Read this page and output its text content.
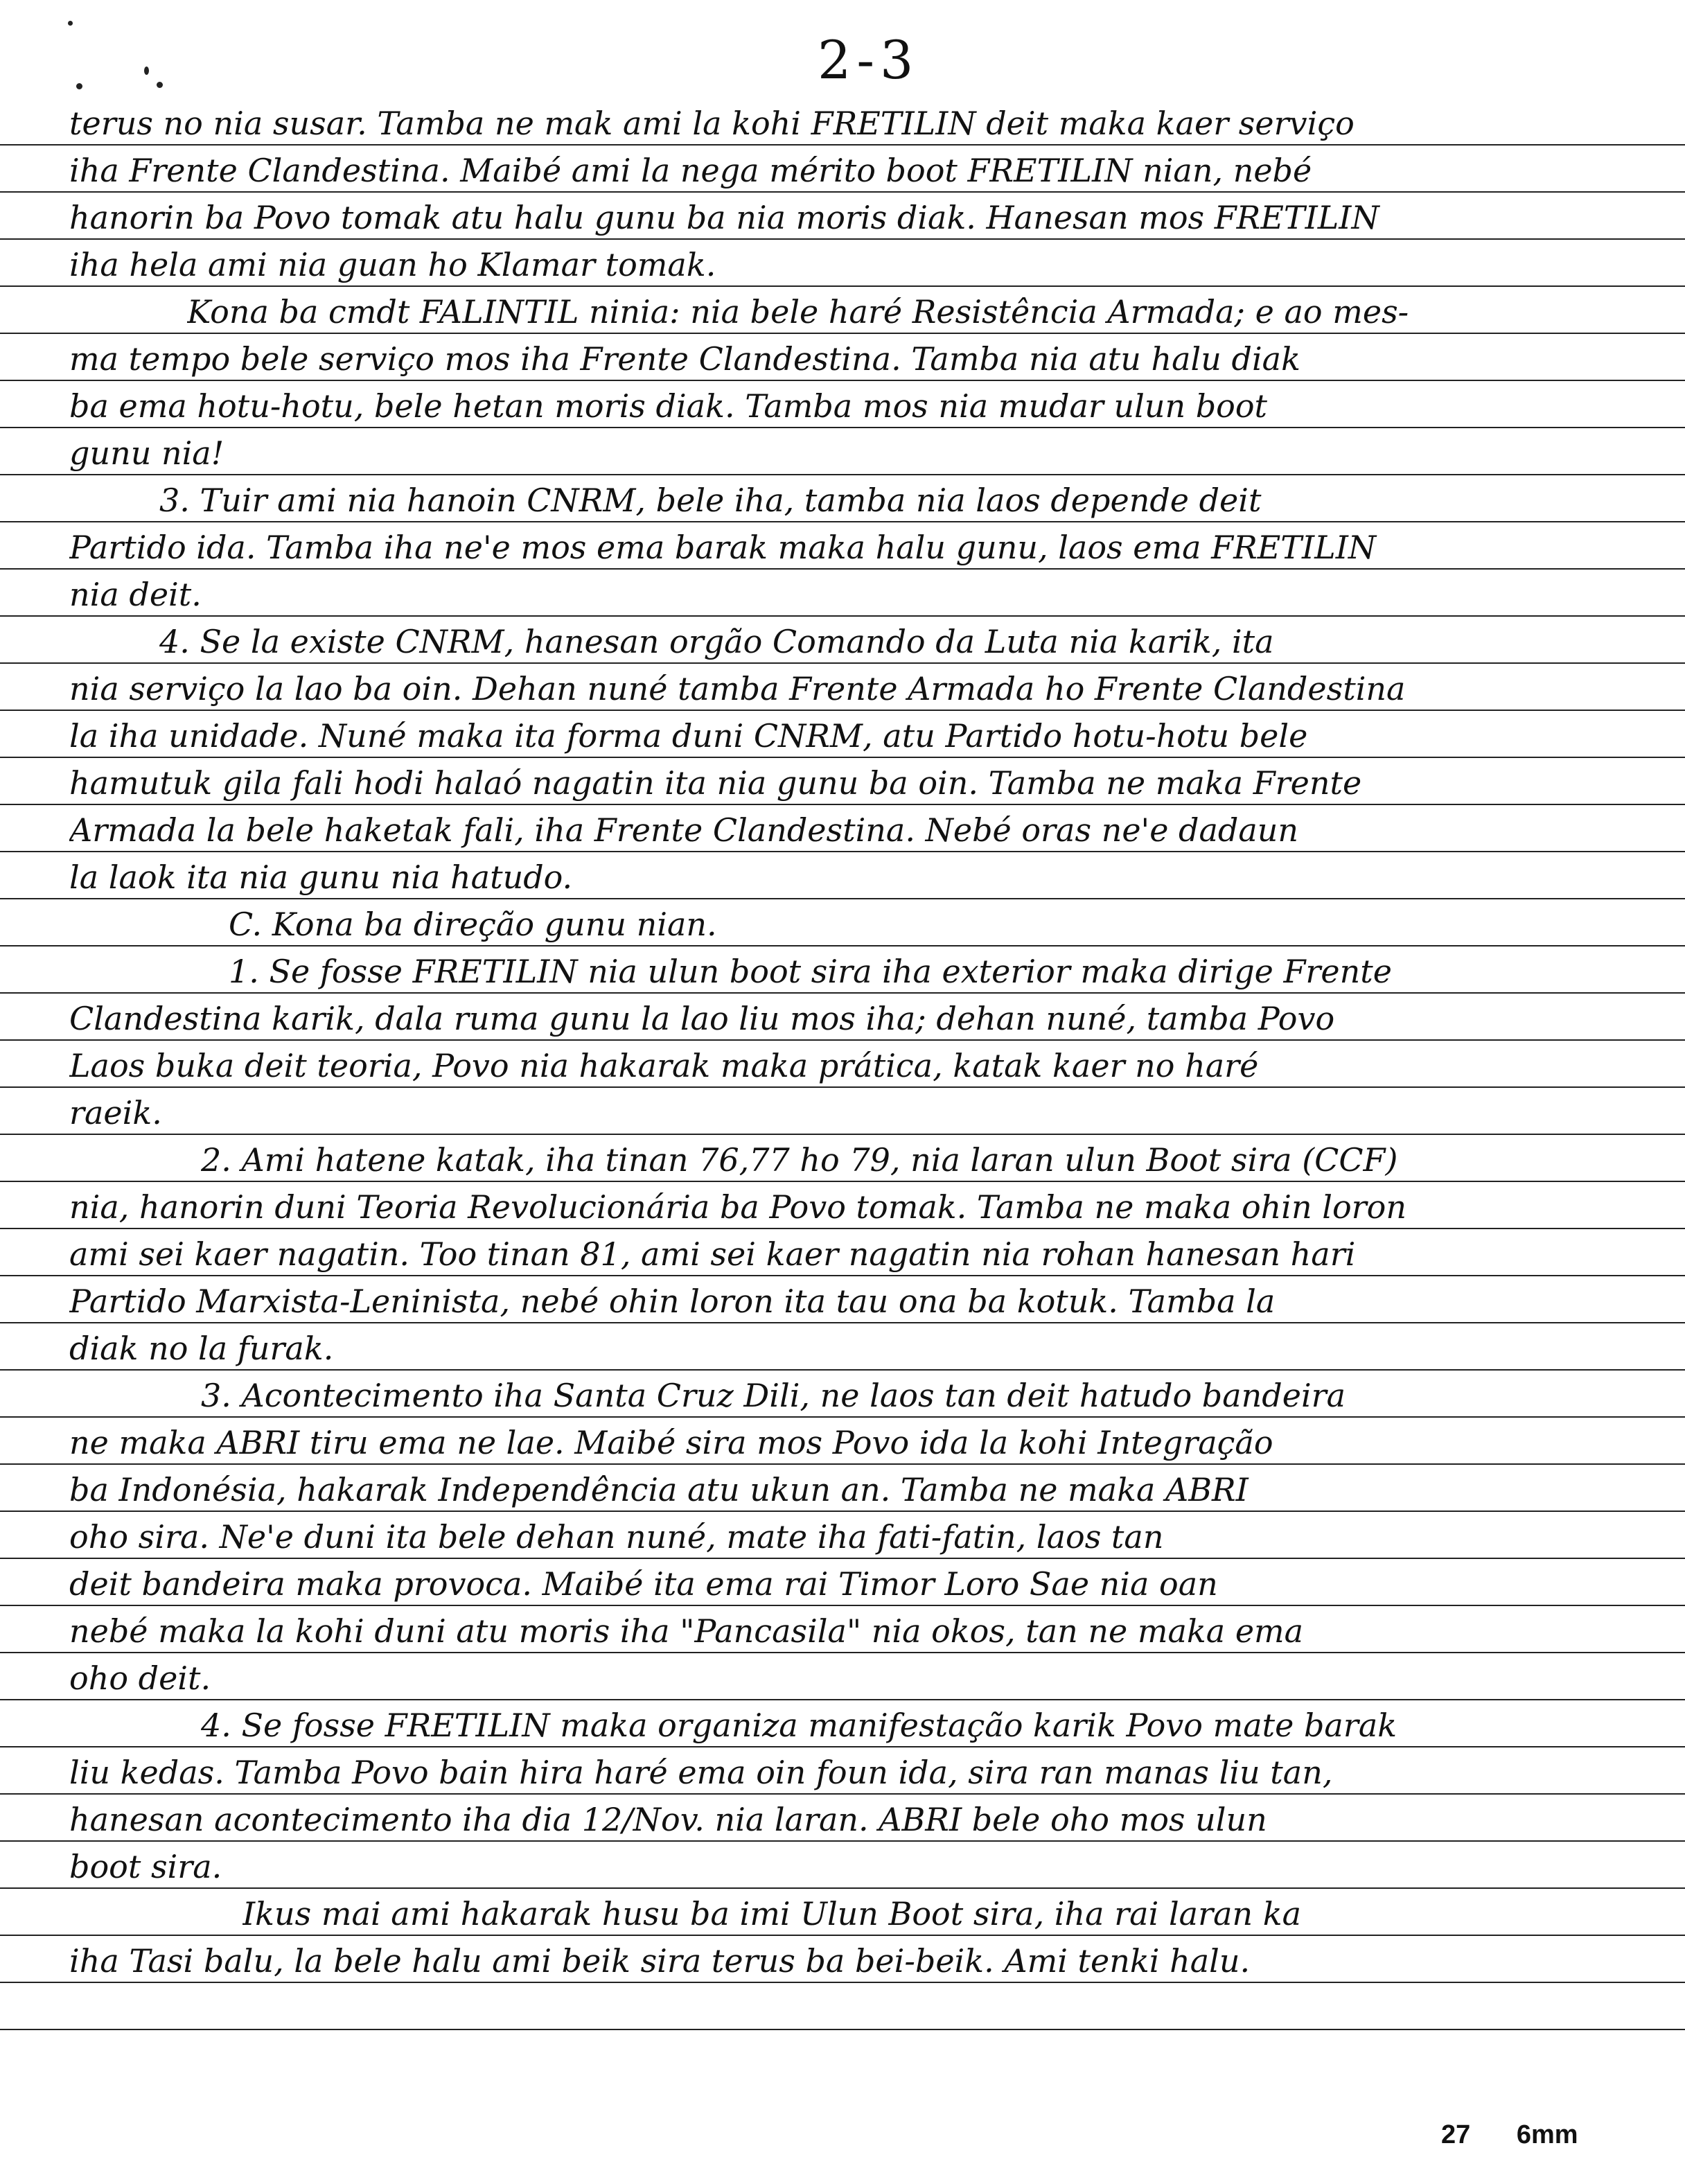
2-3
terus no nia susar. Tamba ne mak ami la kohi FRETILIN deit maka kaer serviço
iha Frente Clandestina. Maibé ami la nega mérito boot FRETILIN nian, nebé
hanorin ba Povo tomak atu halu gunu ba nia moris diak. Hanesan mos FRETILIN
iha hela ami nia guan ho Klamar tomak.
Kona ba cmdt FALINTIL ninia: nia bele haré Resistência Armada; e ao mes-
ma tempo bele serviço mos iha Frente Clandestina. Tamba nia atu halu diak
ba ema hotu-hotu, bele hetan moris diak. Tamba mos nia mudar ulun boot
gunu nia!
3. Tuir ami nia hanoin CNRM, bele iha, tamba nia laos depende deit
Partido ida. Tamba iha ne'e mos ema barak maka halu gunu, laos ema FRETILIN
nia deit.
4. Se la existe CNRM, hanesan orgão Comando da Luta nia karik, ita
nia serviço la lao ba oin. Dehan nuné tamba Frente Armada ho Frente Clandestina
la iha unidade. Nuné maka ita forma duni CNRM, atu Partido hotu-hotu bele
hamutuk gila fali hodi halaó nagatin ita nia gunu ba oin. Tamba ne maka Frente
Armada la bele haketak fali, iha Frente Clandestina. Nebé oras ne'e dadaun
la laok ita nia gunu nia hatudo.
C. Kona ba direção gunu nian.
1. Se fosse FRETILIN nia ulun boot sira iha exterior maka dirige Frente
Clandestina karik, dala ruma gunu la lao liu mos iha; dehan nuné, tamba Povo
Laos buka deit teoria, Povo nia hakarak maka prática, katak kaer no haré
raeik.
2. Ami hatene katak, iha tinan 76,77 ho 79, nia laran ulun Boot sira (CCF)
nia, hanorin duni Teoria Revolucionária ba Povo tomak. Tamba ne maka ohin loron
ami sei kaer nagatin. Too tinan 81, ami sei kaer nagatin nia rohan hanesan hari
Partido Marxista-Leninista, nebé ohin loron ita tau ona ba kotuk. Tamba la
diak no la furak.
3. Acontecimento iha Santa Cruz Dili, ne laos tan deit hatudo bandeira
ne maka ABRI tiru ema ne lae. Maibé sira mos Povo ida la kohi Integração
ba Indonésia, hakarak Independência atu ukun an. Tamba ne maka ABRI
oho sira. Ne'e duni ita bele dehan nuné, mate iha fati-fatin, laos tan
deit bandeira maka provoca. Maibé ita ema rai Timor Loro Sae nia oan
nebé maka la kohi duni atu moris iha "Pancasila" nia okos, tan ne maka ema
oho deit.
4. Se fosse FRETILIN maka organiza manifestação karik Povo mate barak
liu kedas. Tamba Povo bain hira haré ema oin foun ida, sira ran manas liu tan,
hanesan acontecimento iha dia 12/Nov. nia laran. ABRI bele oho mos ulun
boot sira.
Ikus mai ami hakarak husu ba imi Ulun Boot sira, iha rai laran ka
iha Tasi balu, la bele halu ami beik sira terus ba bei-beik. Ami tenki halu.
27 6mm
